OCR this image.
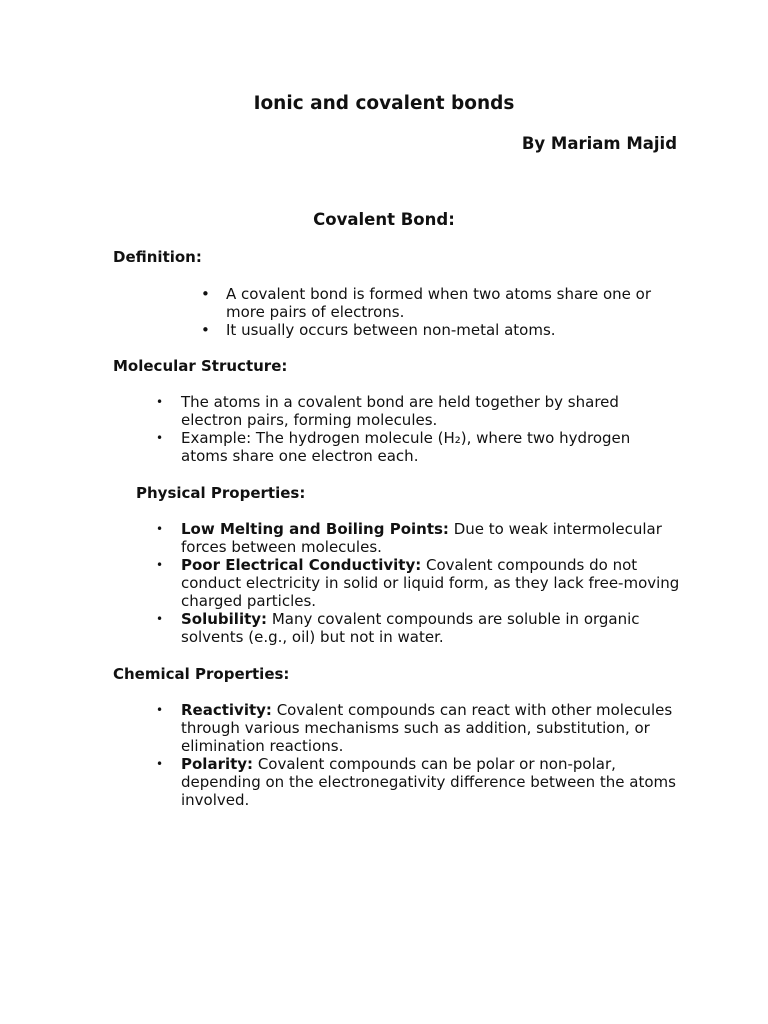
Ionic and covalent bonds
By Mariam Majid
Covalent Bond:
Definition:
• A covalent bond is formed when two atoms share one or more pairs of electrons.
• It usually occurs between non-metal atoms.
Molecular Structure:
• The atoms in a covalent bond are held together by shared electron pairs, forming molecules.
• Example: The hydrogen molecule (H₂), where two hydrogen atoms share one electron each.
Physical Properties:
• Low Melting and Boiling Points: Due to weak intermolecular forces between molecules.
• Poor Electrical Conductivity: Covalent compounds do not conduct electricity in solid or liquid form, as they lack free-moving charged particles.
• Solubility: Many covalent compounds are soluble in organic solvents (e.g., oil) but not in water.
Chemical Properties:
• Reactivity: Covalent compounds can react with other molecules through various mechanisms such as addition, substitution, or elimination reactions.
• Polarity: Covalent compounds can be polar or non-polar, depending on the electronegativity difference between the atoms involved.
